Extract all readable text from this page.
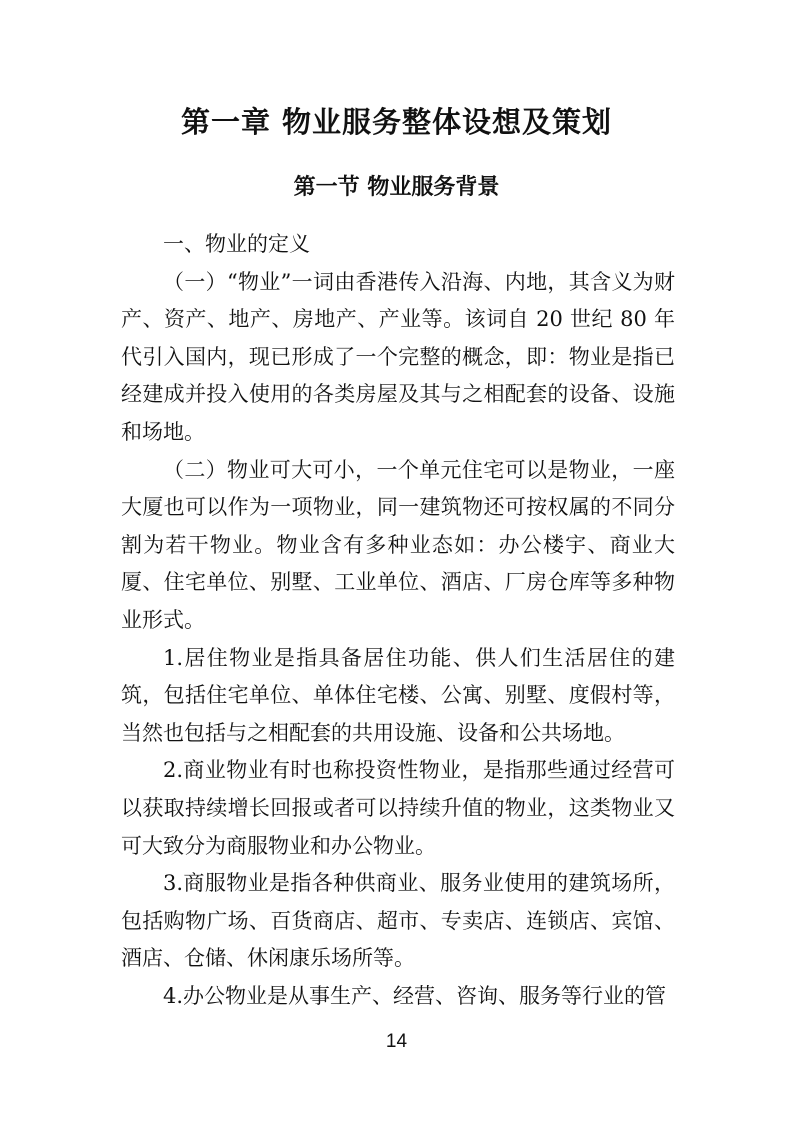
第一章 物业服务整体设想及策划
第一节 物业服务背景

一、物业的定义

（一）“物业”一词由香港传入沿海、内地，其含义为财产、资产、地产、房地产、产业等。该词自 20 世纪 80 年代引入国内，现已形成了一个完整的概念，即：物业是指已经建成并投入使用的各类房屋及其与之相配套的设备、设施和场地。

（二）物业可大可小，一个单元住宅可以是物业，一座大厦也可以作为一项物业，同一建筑物还可按权属的不同分割为若干物业。物业含有多种业态如：办公楼宇、商业大厦、住宅单位、别墅、工业单位、酒店、厂房仓库等多种物业形式。

1.居住物业是指具备居住功能、供人们生活居住的建筑，包括住宅单位、单体住宅楼、公寓、别墅、度假村等，当然也包括与之相配套的共用设施、设备和公共场地。

2.商业物业有时也称投资性物业，是指那些通过经营可以获取持续增长回报或者可以持续升值的物业，这类物业又可大致分为商服物业和办公物业。

3.商服物业是指各种供商业、服务业使用的建筑场所，包括购物广场、百货商店、超市、专卖店、连锁店、宾馆、酒店、仓储、休闲康乐场所等。

4.办公物业是从事生产、经营、咨询、服务等行业的管

14
